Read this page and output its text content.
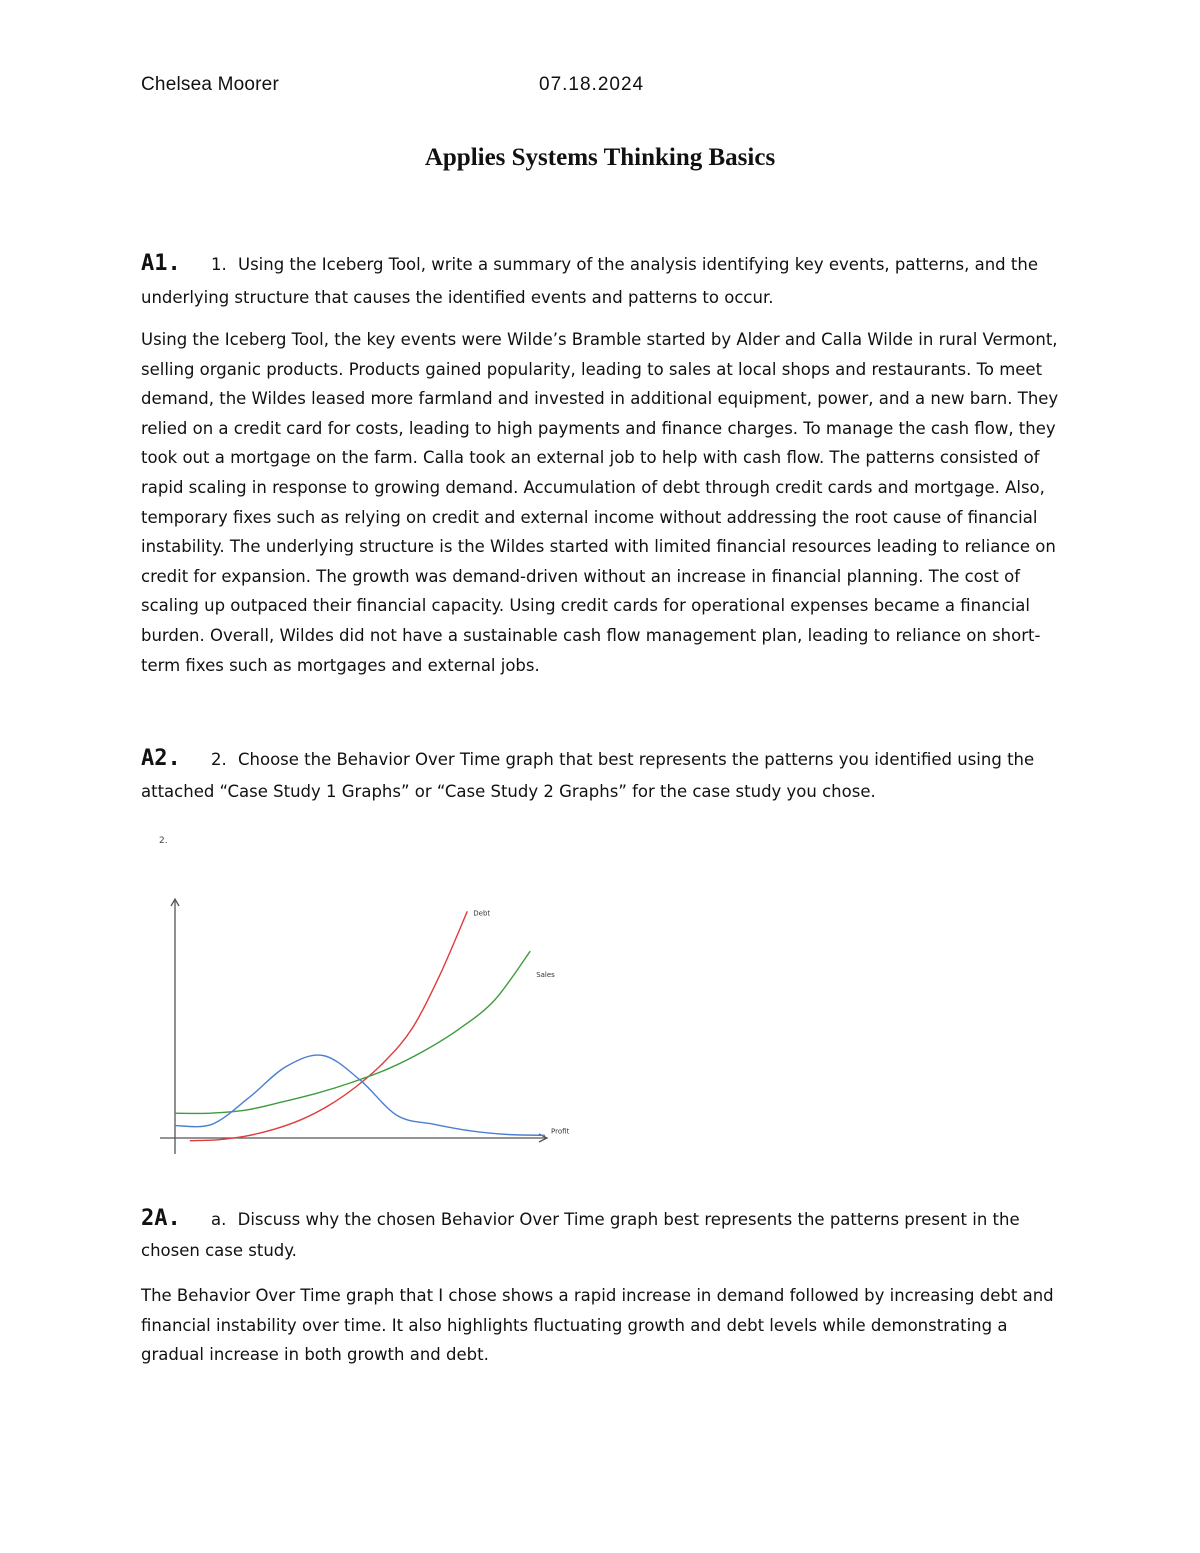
Chelsea Moorer	07.18.2024
Applies Systems Thinking Basics
A1. 1. Using the Iceberg Tool, write a summary of the analysis identifying key events, patterns, and the
underlying structure that causes the identified events and patterns to occur.
Using the Iceberg Tool, the key events were Wilde’s Bramble started by Alder and Calla Wilde in rural Vermont, selling organic products. Products gained popularity, leading to sales at local shops and restaurants. To meet demand, the Wildes leased more farmland and invested in additional equipment, power, and a new barn. They relied on a credit card for costs, leading to high payments and finance charges. To manage the cash flow, they took out a mortgage on the farm. Calla took an external job to help with cash flow. The patterns consisted of rapid scaling in response to growing demand. Accumulation of debt through credit cards and mortgage. Also, temporary fixes such as relying on credit and external income without addressing the root cause of financial instability. The underlying structure is the Wildes started with limited financial resources leading to reliance on credit for expansion. The growth was demand-driven without an increase in financial planning. The cost of scaling up outpaced their financial capacity. Using credit cards for operational expenses became a financial burden. Overall, Wildes did not have a sustainable cash flow management plan, leading to reliance on short-term fixes such as mortgages and external jobs.
A2. 2. Choose the Behavior Over Time graph that best represents the patterns you identified using the
attached “Case Study 1 Graphs” or “Case Study 2 Graphs” for the case study you chose.
2.
Debt
Sales
Profit
2A. a. Discuss why the chosen Behavior Over Time graph best represents the patterns present in the
chosen case study.
The Behavior Over Time graph that I chose shows a rapid increase in demand followed by increasing debt and financial instability over time. It also highlights fluctuating growth and debt levels while demonstrating a gradual increase in both growth and debt.
